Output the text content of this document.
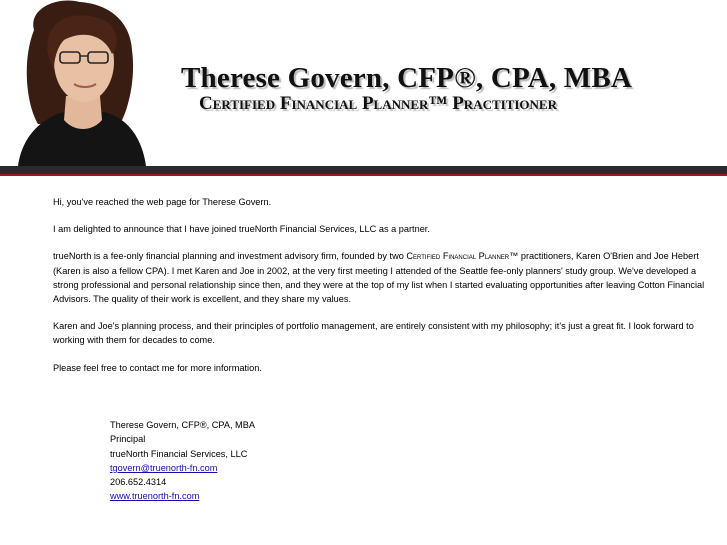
Therese Govern, CFP®, CPA, MBA
Certified Financial Planner™ Practitioner

Hi, you've reached the web page for Therese Govern.

I am delighted to announce that I have joined trueNorth Financial Services, LLC as a partner.

trueNorth is a fee-only financial planning and investment advisory firm, founded by two Certified Financial Planner™ practitioners, Karen O'Brien and Joe Hebert (Karen is also a fellow CPA). I met Karen and Joe in 2002, at the very first meeting I attended of the Seattle fee-only planners' study group. We've developed a strong professional and personal relationship since then, and they were at the top of my list when I started evaluating opportunities after leaving Cotton Financial Advisors. The quality of their work is excellent, and they share my values.

Karen and Joe's planning process, and their principles of portfolio management, are entirely consistent with my philosophy; it's just a great fit. I look forward to working with them for decades to come.

Please feel free to contact me for more information.

Therese Govern, CFP®, CPA, MBA
Principal
trueNorth Financial Services, LLC
tgovern@truenorth-fn.com
206.652.4314
www.truenorth-fn.com
